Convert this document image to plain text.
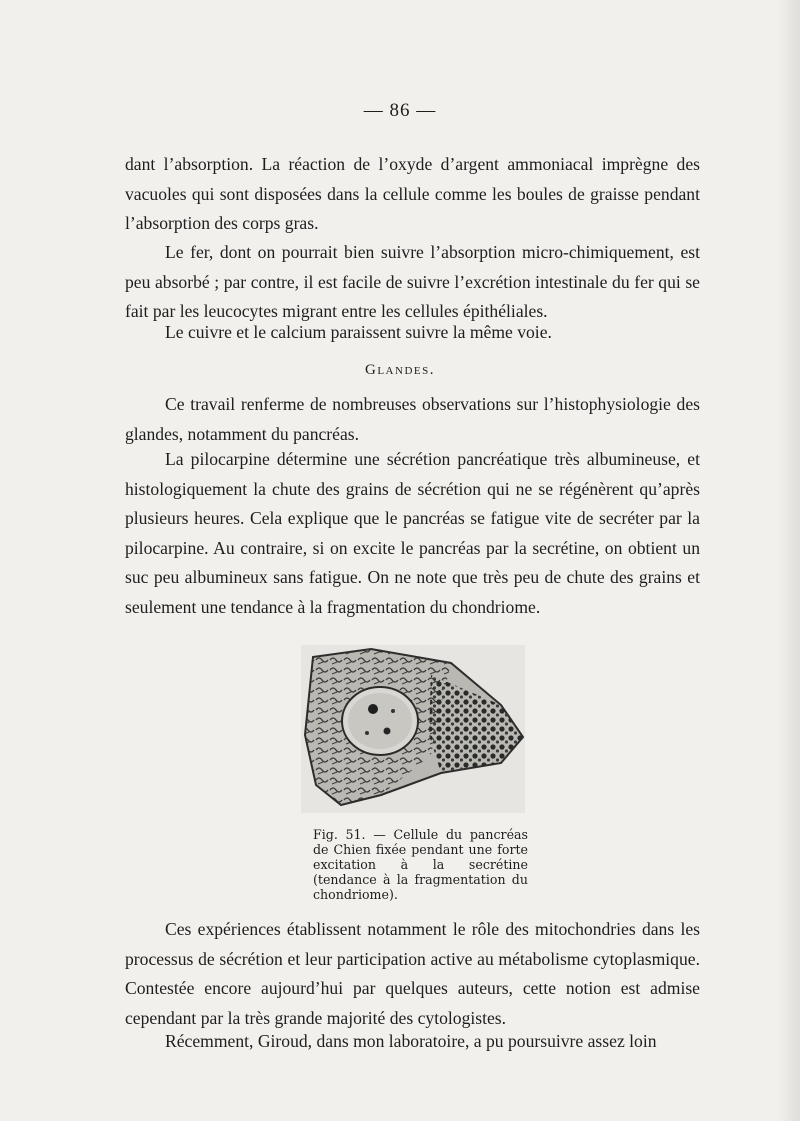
— 86 —

dant l’absorption. La réaction de l’oxyde d’argent ammoniacal imprègne des vacuoles qui sont disposées dans la cellule comme les boules de graisse pendant l’absorption des corps gras.

Le fer, dont on pourrait bien suivre l’absorption micro-chimiquement, est peu absorbé ; par contre, il est facile de suivre l’excrétion intestinale du fer qui se fait par les leucocytes migrant entre les cellules épithéliales.

Le cuivre et le calcium paraissent suivre la même voie.

Glandes.

Ce travail renferme de nombreuses observations sur l’histophysiologie des glandes, notamment du pancréas.

La pilocarpine détermine une sécrétion pancréatique très albumineuse, et histologiquement la chute des grains de sécrétion qui ne se régénèrent qu’après plusieurs heures. Cela explique que le pancréas se fatigue vite de secréter par la pilocarpine. Au contraire, si on excite le pancréas par la secrétine, on obtient un suc peu albumineux sans fatigue. On ne note que très peu de chute des grains et seulement une tendance à la fragmentation du chondriome.

Fig. 51. — Cellule du pancréas de Chien fixée pendant une forte excitation à la secrétine (tendance à la fragmentation du chondriome).

Ces expériences établissent notamment le rôle des mitochondries dans les processus de sécrétion et leur participation active au métabolisme cytoplasmique. Contestée encore aujourd’hui par quelques auteurs, cette notion est admise cependant par la très grande majorité des cytologistes.

Récemment, Giroud, dans mon laboratoire, a pu poursuivre assez loin
